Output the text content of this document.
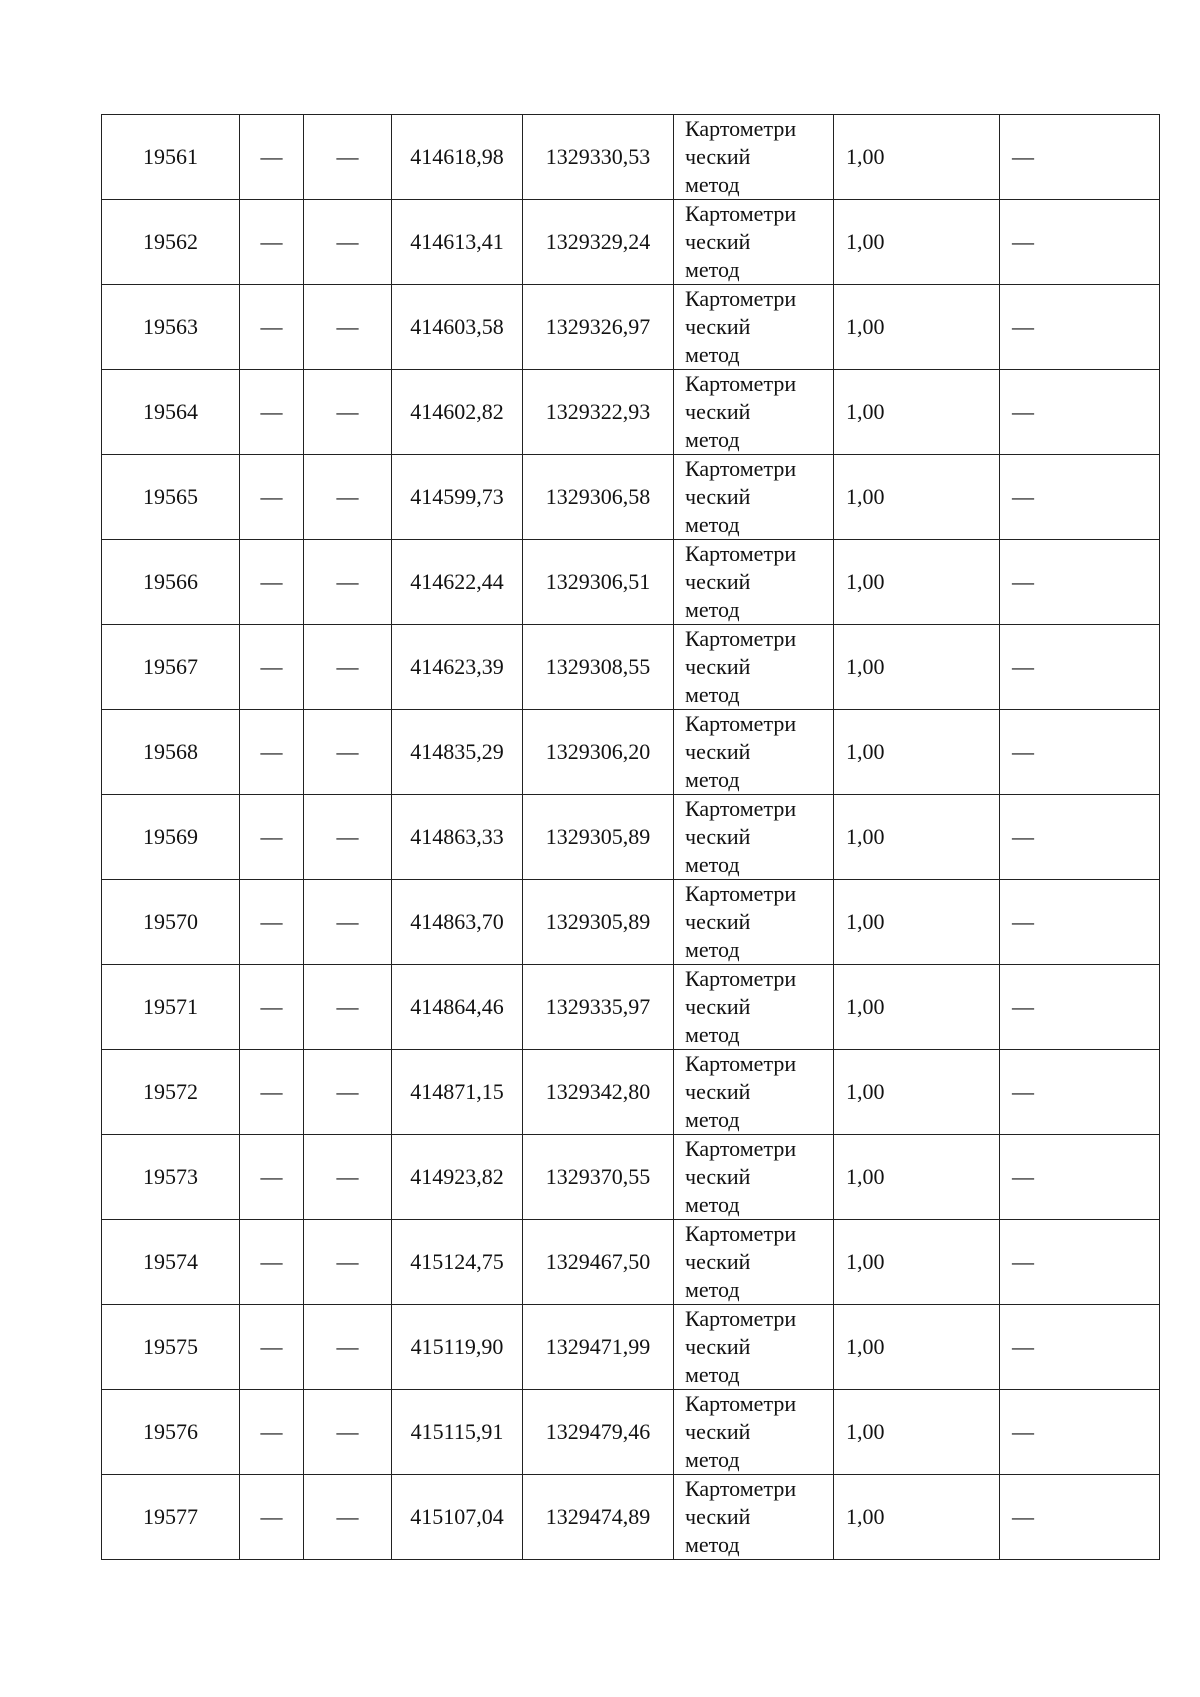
19561	—	—	414618,98	1329330,53	Картометри
ческий
метод	1,00	—
19562	—	—	414613,41	1329329,24	Картометри
ческий
метод	1,00	—
19563	—	—	414603,58	1329326,97	Картометри
ческий
метод	1,00	—
19564	—	—	414602,82	1329322,93	Картометри
ческий
метод	1,00	—
19565	—	—	414599,73	1329306,58	Картометри
ческий
метод	1,00	—
19566	—	—	414622,44	1329306,51	Картометри
ческий
метод	1,00	—
19567	—	—	414623,39	1329308,55	Картометри
ческий
метод	1,00	—
19568	—	—	414835,29	1329306,20	Картометри
ческий
метод	1,00	—
19569	—	—	414863,33	1329305,89	Картометри
ческий
метод	1,00	—
19570	—	—	414863,70	1329305,89	Картометри
ческий
метод	1,00	—
19571	—	—	414864,46	1329335,97	Картометри
ческий
метод	1,00	—
19572	—	—	414871,15	1329342,80	Картометри
ческий
метод	1,00	—
19573	—	—	414923,82	1329370,55	Картометри
ческий
метод	1,00	—
19574	—	—	415124,75	1329467,50	Картометри
ческий
метод	1,00	—
19575	—	—	415119,90	1329471,99	Картометри
ческий
метод	1,00	—
19576	—	—	415115,91	1329479,46	Картометри
ческий
метод	1,00	—
19577	—	—	415107,04	1329474,89	Картометри
ческий
метод	1,00	—
